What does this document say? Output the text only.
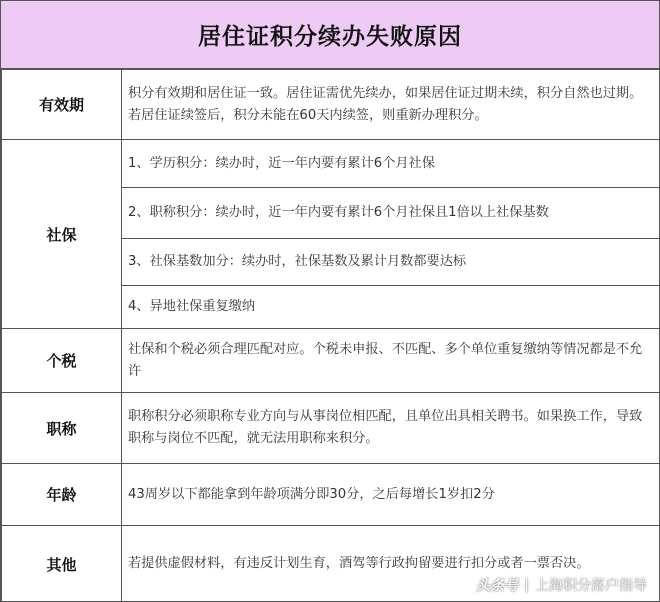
居住证积分续办失败原因
有效期	积分有效期和居住证一致。居住证需优先续办，如果居住证过期未续，积分自然也过期。若居住证续签后，积分未能在60天内续签，则重新办理积分。
社保	1、学历积分：续办时，近一年内要有累计6个月社保
	2、职称积分：续办时，近一年内要有累计6个月社保且1倍以上社保基数
	3、社保基数加分：续办时，社保基数及累计月数都要达标
	4、异地社保重复缴纳
个税	社保和个税必须合理匹配对应。个税未申报、不匹配、多个单位重复缴纳等情况都是不允许
职称	职称积分必须职称专业方向与从事岗位相匹配，且单位出具相关聘书。如果换工作，导致职称与岗位不匹配，就无法用职称来积分。
年龄	43周岁以下都能拿到年龄项满分即30分，之后每增长1岁扣2分
其他	若提供虚假材料，有违反计划生育，酒驾等行政拘留要进行扣分或者一票否决。
头条号 | 上海积分落户指导
